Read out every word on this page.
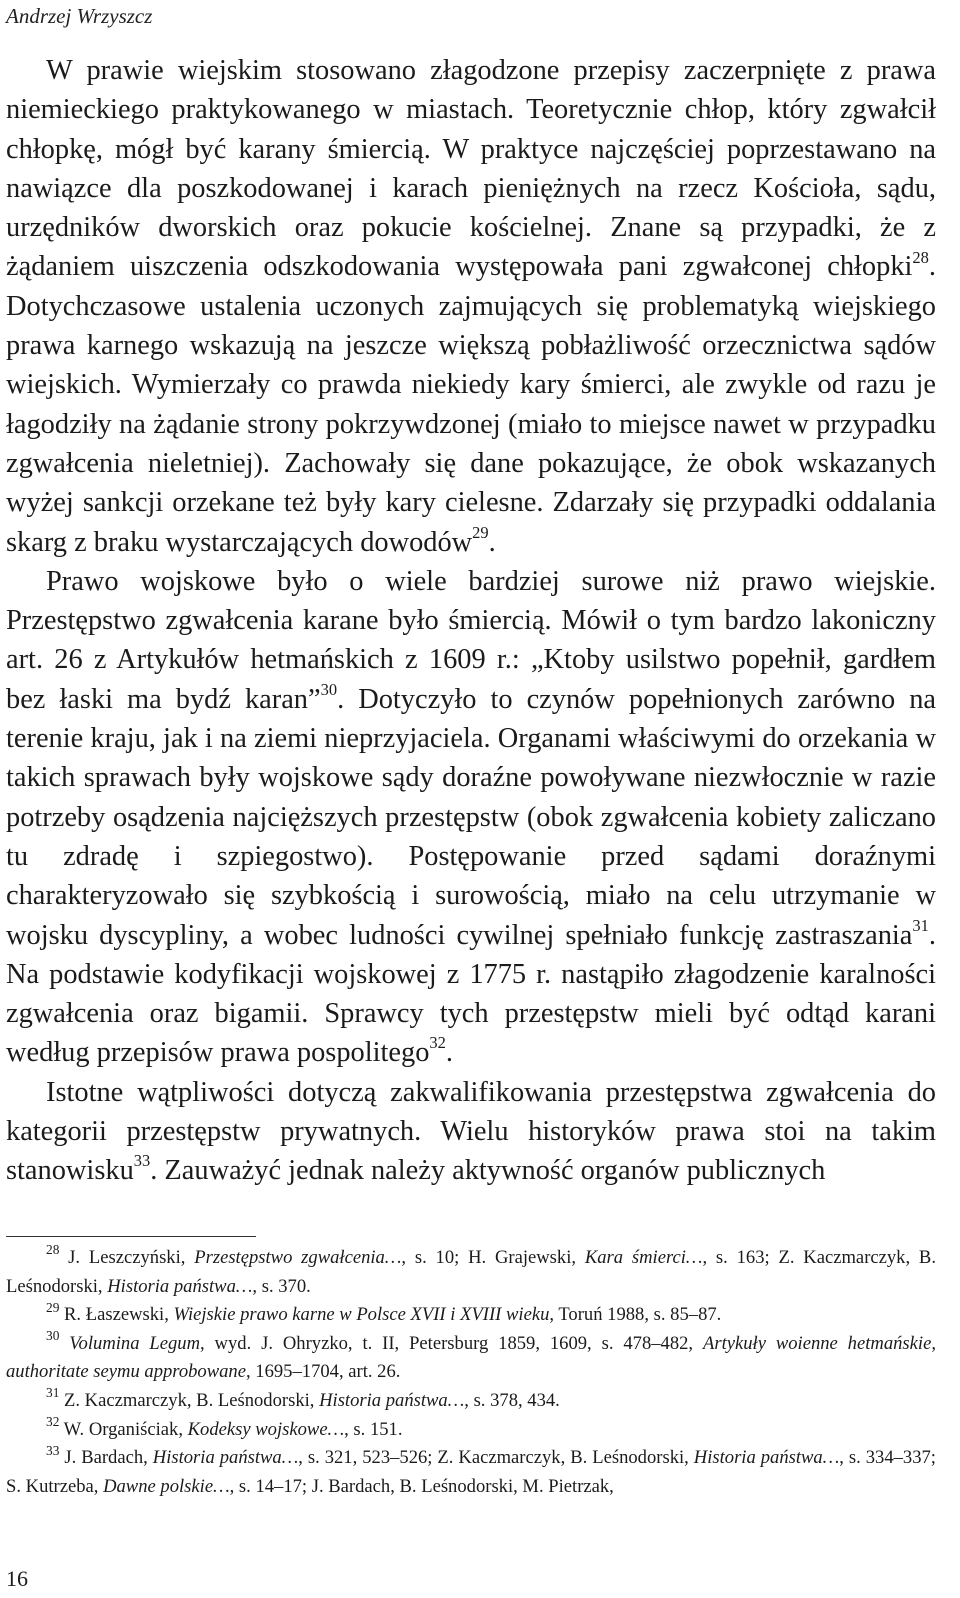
Andrzej Wrzyszcz

W prawie wiejskim stosowano złagodzone przepisy zaczerpnięte z prawa niemieckiego praktykowanego w miastach. Teoretycznie chłop, który zgwałcił chłopkę, mógł być karany śmiercią. W praktyce najczęściej poprzestawano na nawiązce dla poszkodowanej i karach pieniężnych na rzecz Kościoła, sądu, urzędników dworskich oraz pokucie kościelnej. Znane są przypadki, że z żądaniem uiszczenia odszkodowania występowała pani zgwałconej chłopki$^{28}$. Dotychczasowe ustalenia uczonych zajmujących się problematyką wiejskiego prawa karnego wskazują na jeszcze większą pobłażliwość orzecznictwa sądów wiejskich. Wymierzały co prawda niekiedy kary śmierci, ale zwykle od razu je łagodziły na żądanie strony pokrzywdzonej (miało to miejsce nawet w przypadku zgwałcenia nieletniej). Zachowały się dane pokazujące, że obok wskazanych wyżej sankcji orzekane też były kary cielesne. Zdarzały się przypadki oddalania skarg z braku wystarczających dowodów$^{29}$.

Prawo wojskowe było o wiele bardziej surowe niż prawo wiejskie. Przestępstwo zgwałcenia karane było śmiercią. Mówił o tym bardzo lakoniczny art. 26 z Artykułów hetmańskich z 1609 r.: „Ktoby usilstwo popełnił, gardłem bez łaski ma bydź karan”$^{30}$. Dotyczyło to czynów popełnionych zarówno na terenie kraju, jak i na ziemi nieprzyjaciela. Organami właściwymi do orzekania w takich sprawach były wojskowe sądy doraźne powoływane niezwłocznie w razie potrzeby osądzenia najcięższych przestępstw (obok zgwałcenia kobiety zaliczano tu zdradę i szpiegostwo). Postępowanie przed sądami doraźnymi charakteryzowało się szybkością i surowością, miało na celu utrzymanie w wojsku dyscypliny, a wobec ludności cywilnej spełniało funkcję zastraszania$^{31}$. Na podstawie kodyfikacji wojskowej z 1775 r. nastąpiło złagodzenie karalności zgwałcenia oraz bigamii. Sprawcy tych przestępstw mieli być odtąd karani według przepisów prawa pospolitego$^{32}$.

Istotne wątpliwości dotyczą zakwalifikowania przestępstwa zgwałcenia do kategorii przestępstw prywatnych. Wielu historyków prawa stoi na takim stanowisku$^{33}$. Zauważyć jednak należy aktywność organów publicznych

$^{28}$ J. Leszczyński, Przestępstwo zgwałcenia…, s. 10; H. Grajewski, Kara śmierci…, s. 163; Z. Kaczmarczyk, B. Leśnodorski, Historia państwa…, s. 370.

$^{29}$ R. Łaszewski, Wiejskie prawo karne w Polsce XVII i XVIII wieku, Toruń 1988, s. 85–87.

$^{30}$ Volumina Legum, wyd. J. Ohryzko, t. II, Petersburg 1859, 1609, s. 478–482, Artykuły woienne hetmańskie, authoritate seymu approbowane, 1695–1704, art. 26.

$^{31}$ Z. Kaczmarczyk, B. Leśnodorski, Historia państwa…, s. 378, 434.

$^{32}$ W. Organiściak, Kodeksy wojskowe…, s. 151.

$^{33}$ J. Bardach, Historia państwa…, s. 321, 523–526; Z. Kaczmarczyk, B. Leśnodorski, Historia państwa…, s. 334–337; S. Kutrzeba, Dawne polskie…, s. 14–17; J. Bardach, B. Leśnodorski, M. Pietrzak,

16
